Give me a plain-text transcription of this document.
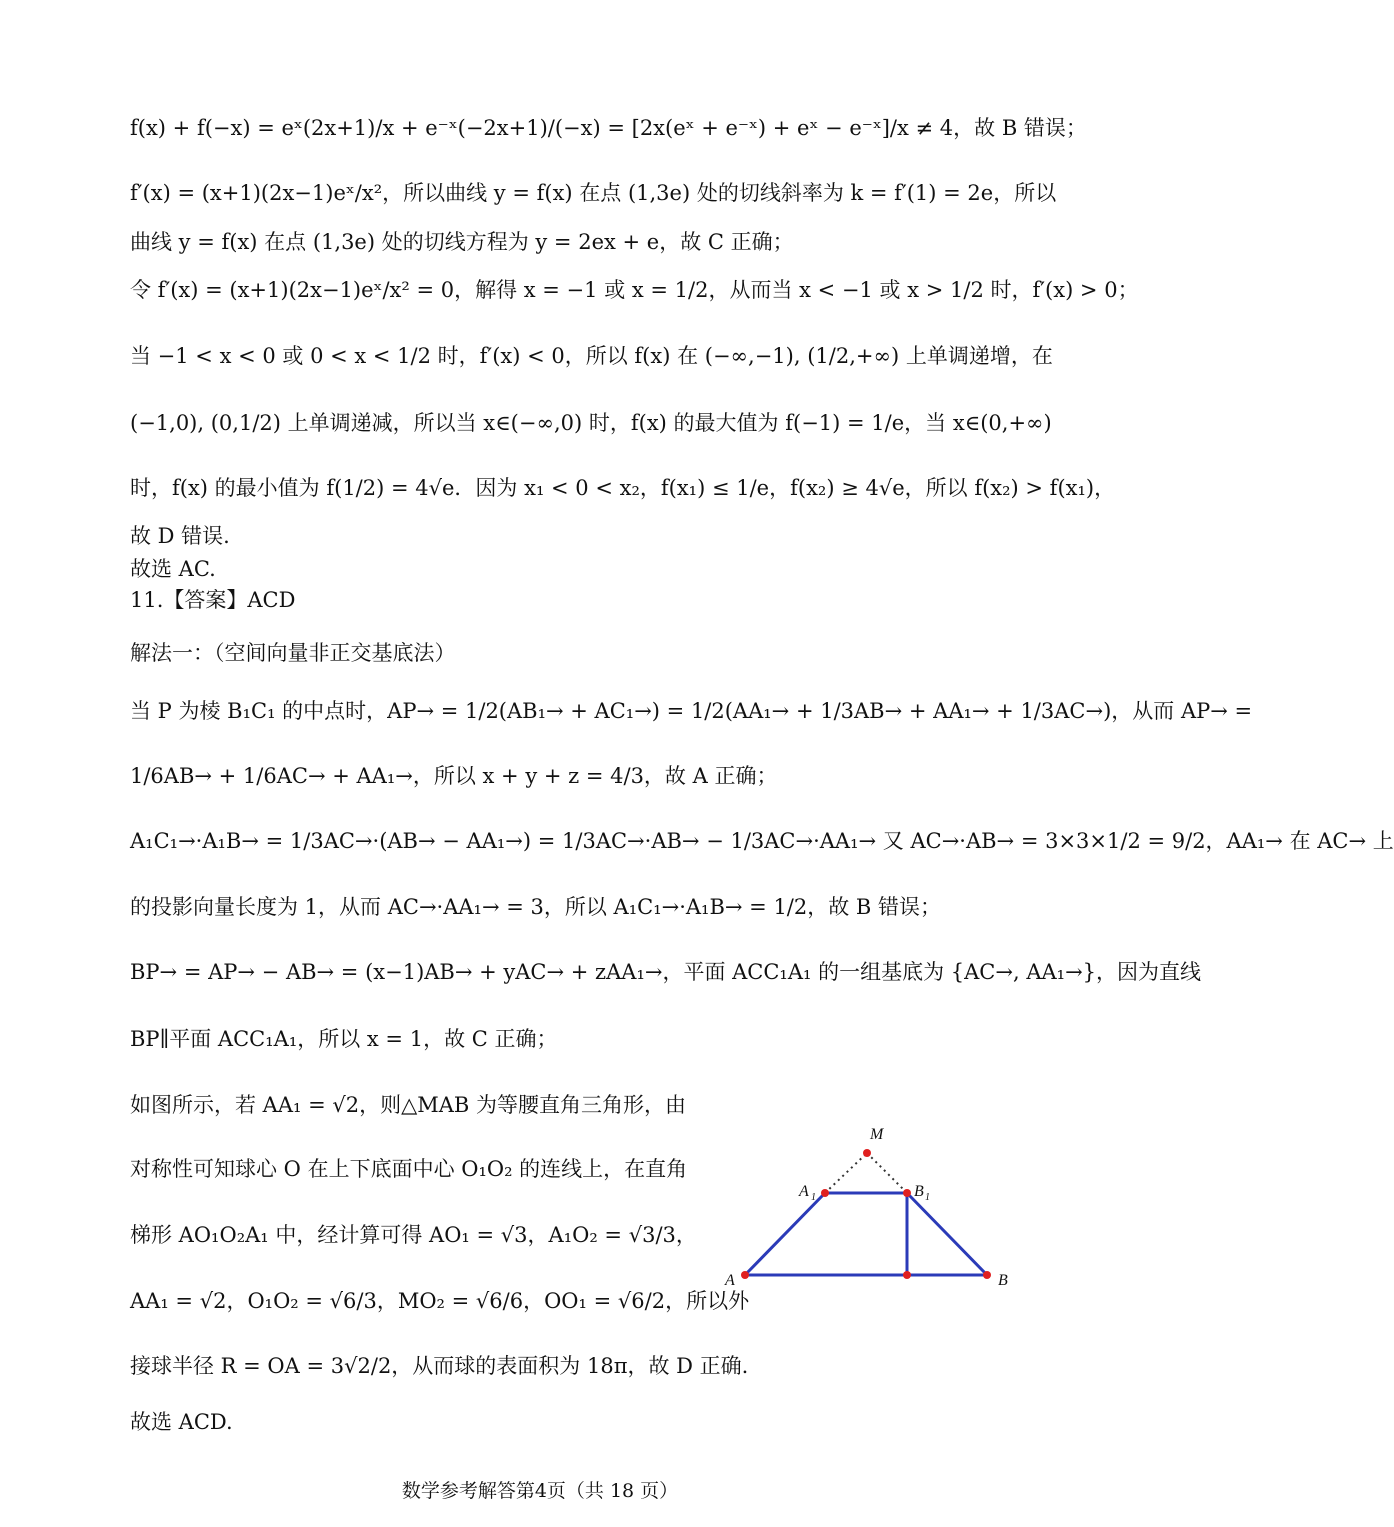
f(x) + f(−x) = eˣ(2x+1)/x + e⁻ˣ(−2x+1)/(−x) = [2x(eˣ + e⁻ˣ) + eˣ − e⁻ˣ]/x ≠ 4，故 B 错误；
f′(x) = (x+1)(2x−1)eˣ/x²，所以曲线 y = f(x) 在点 (1,3e) 处的切线斜率为 k = f′(1) = 2e，所以
曲线 y = f(x) 在点 (1,3e) 处的切线方程为 y = 2ex + e，故 C 正确；
令 f′(x) = (x+1)(2x−1)eˣ/x² = 0，解得 x = −1 或 x = 1/2，从而当 x < −1 或 x > 1/2 时，f′(x) > 0；
当 −1 < x < 0 或 0 < x < 1/2 时，f′(x) < 0，所以 f(x) 在 (−∞,−1), (1/2,+∞) 上单调递增，在
(−1,0), (0,1/2) 上单调递减，所以当 x∈(−∞,0) 时，f(x) 的最大值为 f(−1) = 1/e，当 x∈(0,+∞)
时，f(x) 的最小值为 f(1/2) = 4√e．因为 x₁ < 0 < x₂，f(x₁) ≤ 1/e，f(x₂) ≥ 4√e，所以 f(x₂) > f(x₁)，
故 D 错误.
故选 AC.
11.【答案】ACD
解法一：（空间向量非正交基底法）
当 P 为棱 B₁C₁ 的中点时，AP→ = 1/2(AB₁→ + AC₁→) = 1/2(AA₁→ + 1/3AB→ + AA₁→ + 1/3AC→)，从而 AP→ =
1/6AB→ + 1/6AC→ + AA₁→，所以 x + y + z = 4/3，故 A 正确；
A₁C₁→·A₁B→ = 1/3AC→·(AB→ − AA₁→) = 1/3AC→·AB→ − 1/3AC→·AA₁→ 又 AC→·AB→ = 3×3×1/2 = 9/2，AA₁→ 在 AC→ 上
的投影向量长度为 1，从而 AC→·AA₁→ = 3，所以 A₁C₁→·A₁B→ = 1/2，故 B 错误；
BP→ = AP→ − AB→ = (x−1)AB→ + yAC→ + zAA₁→，平面 ACC₁A₁ 的一组基底为 {AC→, AA₁→}，因为直线
BP∥平面 ACC₁A₁，所以 x = 1，故 C 正确；
如图所示，若 AA₁ = √2，则△MAB 为等腰直角三角形，由
对称性可知球心 O 在上下底面中心 O₁O₂ 的连线上，在直角
梯形 AO₁O₂A₁ 中，经计算可得 AO₁ = √3，A₁O₂ = √3/3，
AA₁ = √2，O₁O₂ = √6/3，MO₂ = √6/6，OO₁ = √6/2，所以外
接球半径 R = OA = 3√2/2，从而球的表面积为 18π，故 D 正确.
故选 ACD.
M
A 1	B 1
A	B
数学参考解答第4页（共 18 页）
